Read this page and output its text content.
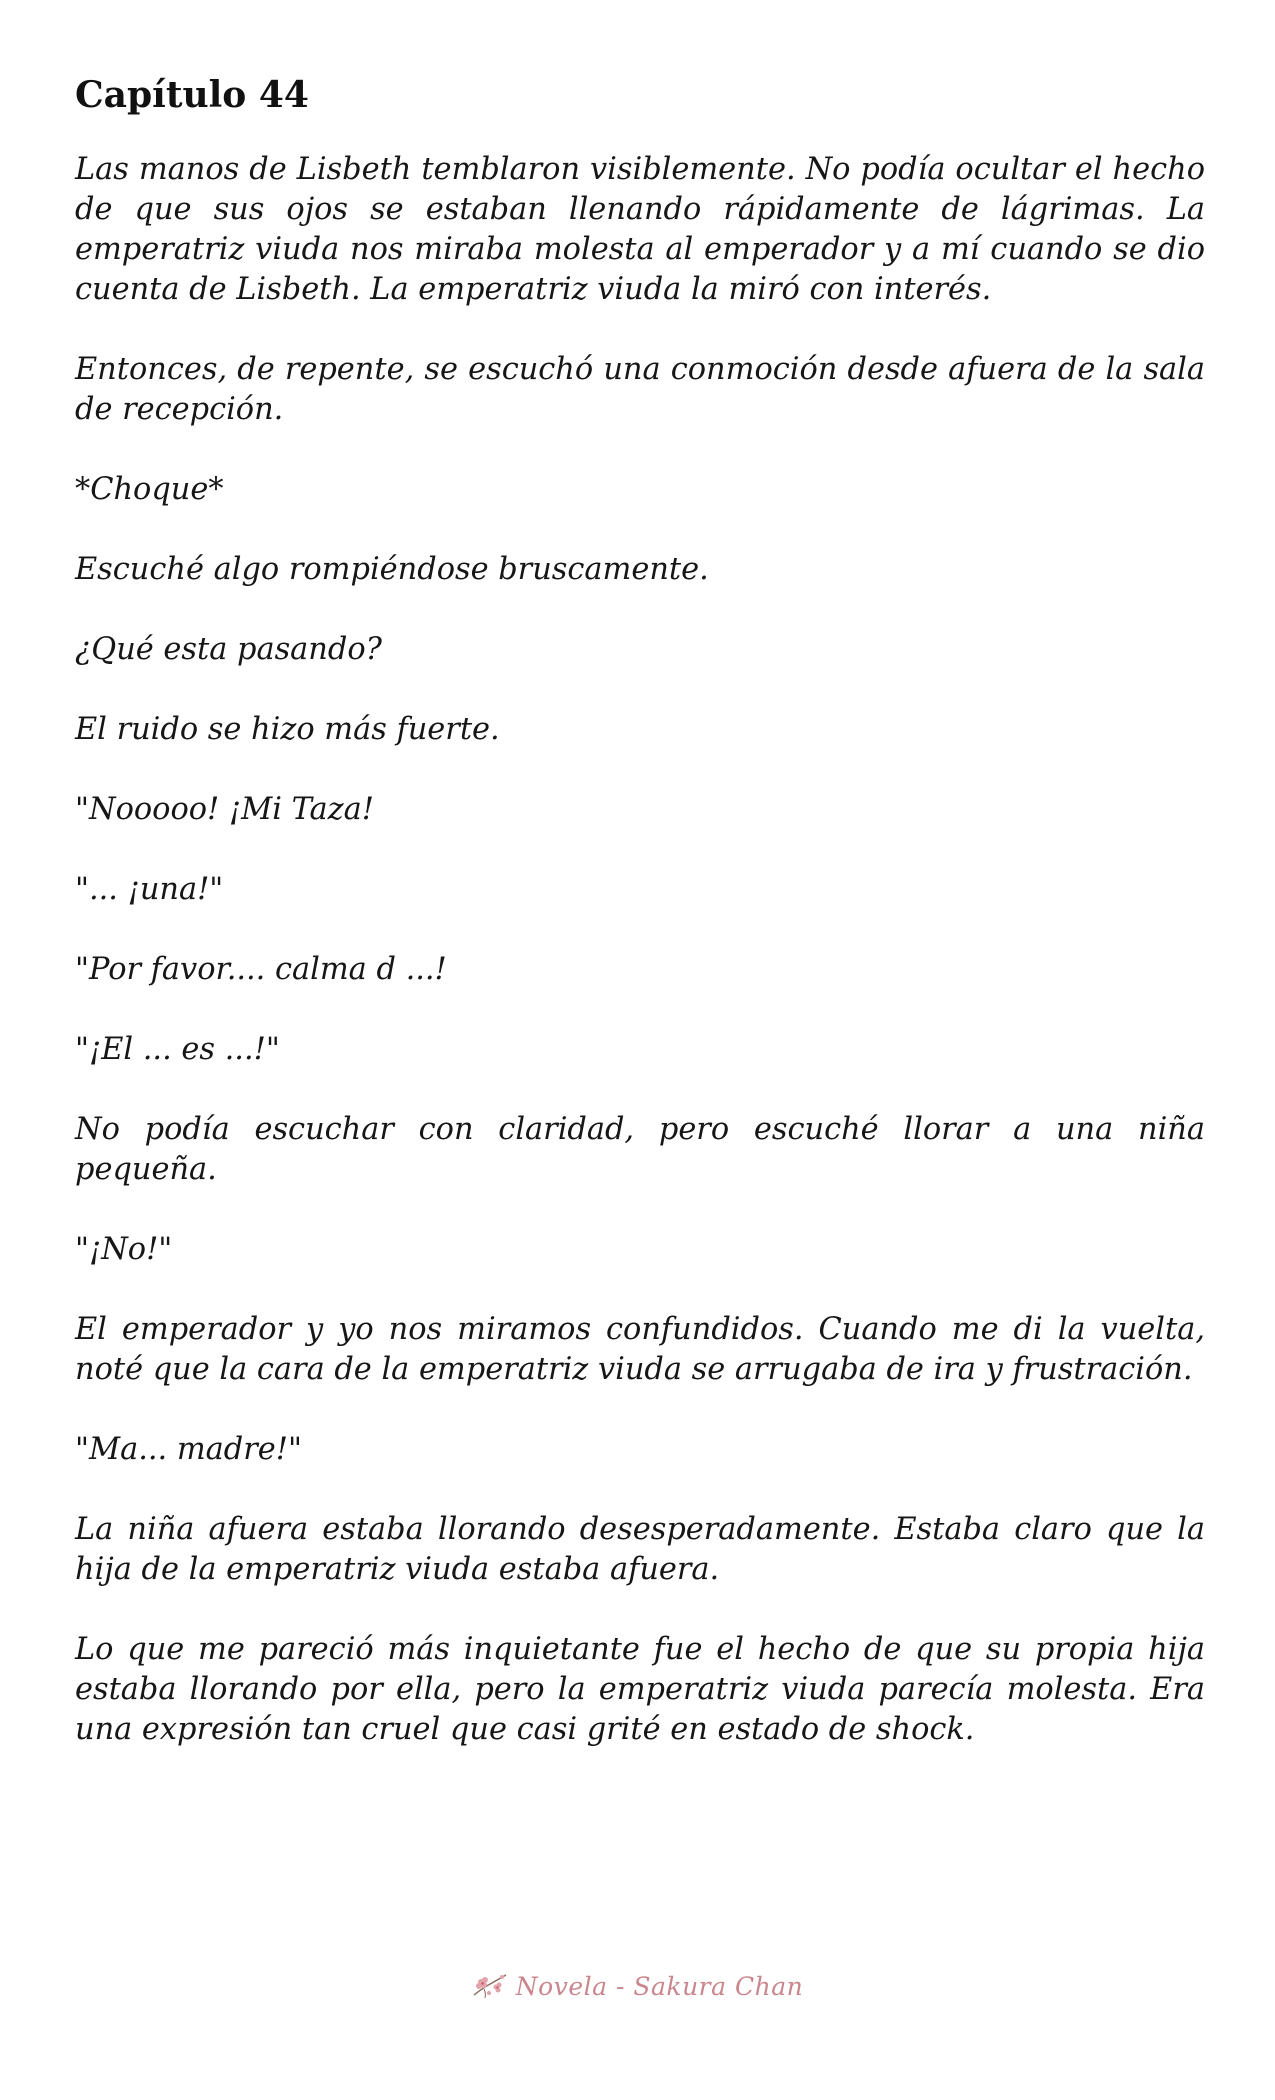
Capítulo 44

Las manos de Lisbeth temblaron visiblemente. No podía ocultar el hecho de que sus ojos se estaban llenando rápidamente de lágrimas. La emperatriz viuda nos miraba molesta al emperador y a mí cuando se dio cuenta de Lisbeth. La emperatriz viuda la miró con interés.

Entonces, de repente, se escuchó una conmoción desde afuera de la sala de recepción.

*Choque*

Escuché algo rompiéndose bruscamente.

¿Qué esta pasando?

El ruido se hizo más fuerte.

"Nooooo! ¡Mi Taza!

"... ¡una!"

"Por favor.... calma d ...!

"¡El ... es ...!"

No podía escuchar con claridad, pero escuché llorar a una niña pequeña.

"¡No!"

El emperador y yo nos miramos confundidos. Cuando me di la vuelta, noté que la cara de la emperatriz viuda se arrugaba de ira y frustración.

"Ma... madre!"

La niña afuera estaba llorando desesperadamente. Estaba claro que la hija de la emperatriz viuda estaba afuera.

Lo que me pareció más inquietante fue el hecho de que su propia hija estaba llorando por ella, pero la emperatriz viuda parecía molesta. Era una expresión tan cruel que casi grité en estado de shock.

Novela - Sakura Chan
